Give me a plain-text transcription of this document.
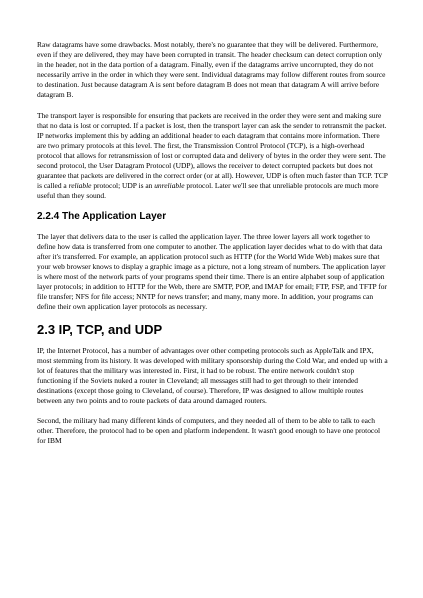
Raw datagrams have some drawbacks. Most notably, there's no guarantee that they will be delivered. Furthermore, even if they are delivered, they may have been corrupted in transit. The header checksum can detect corruption only in the header, not in the data portion of a datagram. Finally, even if the datagrams arrive uncorrupted, they do not necessarily arrive in the order in which they were sent. Individual datagrams may follow different routes from source to destination. Just because datagram A is sent before datagram B does not mean that datagram A will arrive before datagram B.

The transport layer is responsible for ensuring that packets are received in the order they were sent and making sure that no data is lost or corrupted. If a packet is lost, then the transport layer can ask the sender to retransmit the packet. IP networks implement this by adding an additional header to each datagram that contains more information. There are two primary protocols at this level. The first, the Transmission Control Protocol (TCP), is a high-overhead protocol that allows for retransmission of lost or corrupted data and delivery of bytes in the order they were sent. The second protocol, the User Datagram Protocol (UDP), allows the receiver to detect corrupted packets but does not guarantee that packets are delivered in the correct order (or at all). However, UDP is often much faster than TCP. TCP is called a reliable protocol; UDP is an unreliable protocol. Later we'll see that unreliable protocols are much more useful than they sound.

2.2.4 The Application Layer

The layer that delivers data to the user is called the application layer. The three lower layers all work together to define how data is transferred from one computer to another. The application layer decides what to do with that data after it's transferred. For example, an application protocol such as HTTP (for the World Wide Web) makes sure that your web browser knows to display a graphic image as a picture, not a long stream of numbers. The application layer is where most of the network parts of your programs spend their time. There is an entire alphabet soup of application layer protocols; in addition to HTTP for the Web, there are SMTP, POP, and IMAP for email; FTP, FSP, and TFTP for file transfer; NFS for file access; NNTP for news transfer; and many, many more. In addition, your programs can define their own application layer protocols as necessary.

2.3 IP, TCP, and UDP

IP, the Internet Protocol, has a number of advantages over other competing protocols such as AppleTalk and IPX, most stemming from its history. It was developed with military sponsorship during the Cold War, and ended up with a lot of features that the military was interested in. First, it had to be robust. The entire network couldn't stop functioning if the Soviets nuked a router in Cleveland; all messages still had to get through to their intended destinations (except those going to Cleveland, of course). Therefore, IP was designed to allow multiple routes between any two points and to route packets of data around damaged routers.

Second, the military had many different kinds of computers, and they needed all of them to be able to talk to each other. Therefore, the protocol had to be open and platform independent. It wasn't good enough to have one protocol for IBM
